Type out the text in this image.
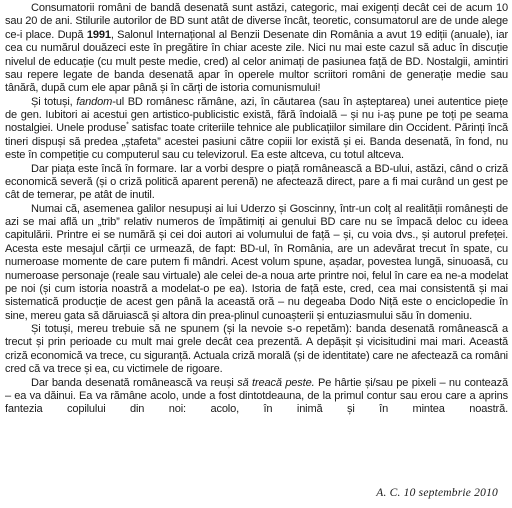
Consumatorii români de bandă desenată sunt astăzi, categoric, mai exigenți decât cei de acum 10 sau 20 de ani. Stilurile autorilor de BD sunt atât de diverse încât, teoretic, consumatorul are de unde alege ce-i place. După 1991, Salonul Internațional al Benzii Desenate din România a avut 19 ediții (anuale), iar cea cu numărul douăzeci este în pregătire în chiar aceste zile. Nici nu mai este cazul să aduc în discuție nivelul de educație (cu mult peste medie, cred) al celor animați de pasiunea față de BD. Nostalgii, amintiri sau repere legate de banda desenată apar în operele multor scriitori români de generație medie sau tânără, după cum ele apar până și în cărți de istoria comunismului!

Și totuși, fandom-ul BD românesc rămâne, azi, în căutarea (sau în așteptarea) unei autentice piețe de gen. Iubitori ai acestui gen artistico-publicistic există, fără îndoială – și nu i-aș pune pe toți pe seama nostalgiei. Unele produse* satisfac toate criteriile tehnice ale publicațiilor similare din Occident. Părinți încă tineri dispuși să predea „ștafeta” acestei pasiuni către copiii lor există și ei. Banda desenată, în fond, nu este în competiție cu computerul sau cu televizorul. Ea este altceva, cu totul altceva.

Dar piața este încă în formare. Iar a vorbi despre o piață românească a BD-ului, astăzi, când o criză economică severă (și o criză politică aparent perenă) ne afectează direct, pare a fi mai curând un gest pe cât de temerar, pe atât de inutil.

Numai că, asemenea galilor nesupuși ai lui Uderzo și Goscinny, într-un colț al realității românești de azi se mai află un „trib” relativ numeros de împătimiți ai genului BD care nu se împacă deloc cu ideea capitulării. Printre ei se numără și cei doi autori ai volumului de față – și, cu voia dvs., și autorul prefeței. Acesta este mesajul cărții ce urmează, de fapt: BD-ul, în România, are un adevărat trecut în spate, cu numeroase momente de care putem fi mândri. Acest volum spune, așadar, povestea lungă, sinuoasă, cu numeroase personaje (reale sau virtuale) ale celei de-a noua arte printre noi, felul în care ea ne-a modelat pe noi (și cum istoria noastră a modelat-o pe ea). Istoria de față este, cred, cea mai consistentă și mai sistematică producție de acest gen până la această oră – nu degeaba Dodo Niță este o enciclopedie în sine, mereu gata să dăruiască și altora din prea-plinul cunoașterii și entuziasmului său în domeniu.

Și totuși, mereu trebuie să ne spunem (și la nevoie s-o repetăm): banda desenată românească a trecut și prin perioade cu mult mai grele decât cea prezentă. A depășit și vicisitudini mai mari. Această criză economică va trece, cu siguranță. Actuala criză morală (și de identitate) care ne afectează ca români cred că va trece și ea, cu victimele de rigoare.

Dar banda desenată românească va reuși să treacă peste. Pe hârtie și/sau pe pixeli – nu contează – ea va dăinui. Ea va rămâne acolo, unde a fost dintotdeauna, de la primul contur sau erou care a aprins fantezia copilului din noi: acolo, în inimă și în mintea noastră.

A. C. 10 septembrie 2010
